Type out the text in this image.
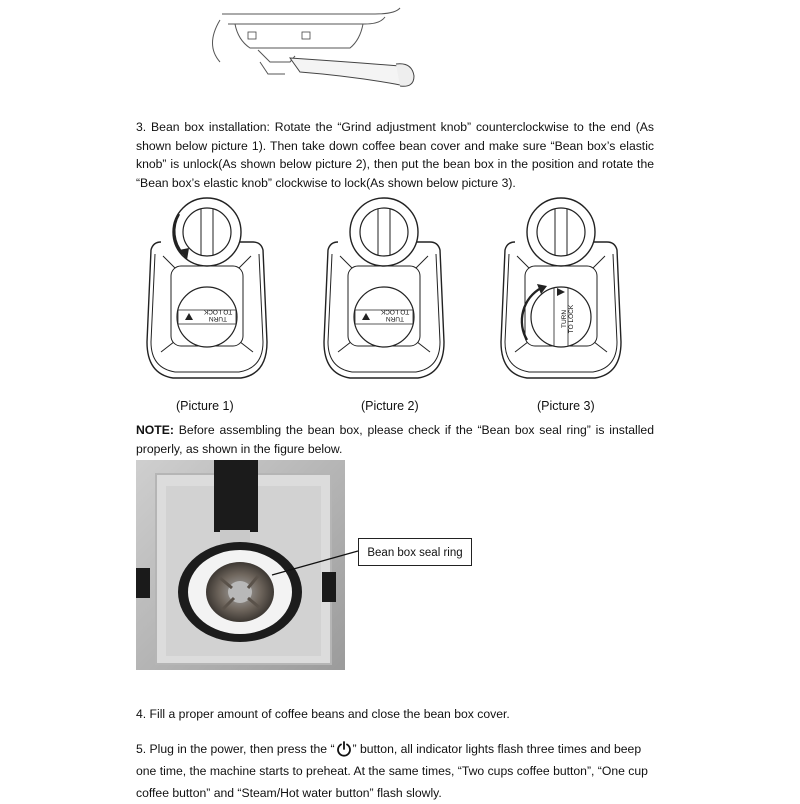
3. Bean box installation: Rotate the “Grind adjustment knob” counterclockwise to the end (As shown below picture 1). Then take down coffee bean cover and make sure “Bean box’s elastic knob” is unlock(As shown below picture 2), then put the bean box in the position and rotate the “Bean box’s elastic knob” clockwise to lock(As shown below picture 3).
TURN
TO LOCK
(Picture 1)
TURN
TO LOCK
(Picture 2)
TURN TO LOCK
(Picture 3)
NOTE: Before assembling the bean box, please check if the “Bean box seal ring” is installed properly, as shown in the figure below.
Bean box seal ring
4. Fill a proper amount of coffee beans and close the bean box cover.
5. Plug in the power, then press the “ ” button, all indicator lights flash three times and beep
one time, the machine starts to preheat. At the same times, “Two cups coffee button”, “One cup
coffee button” and “Steam/Hot water button” flash slowly.
